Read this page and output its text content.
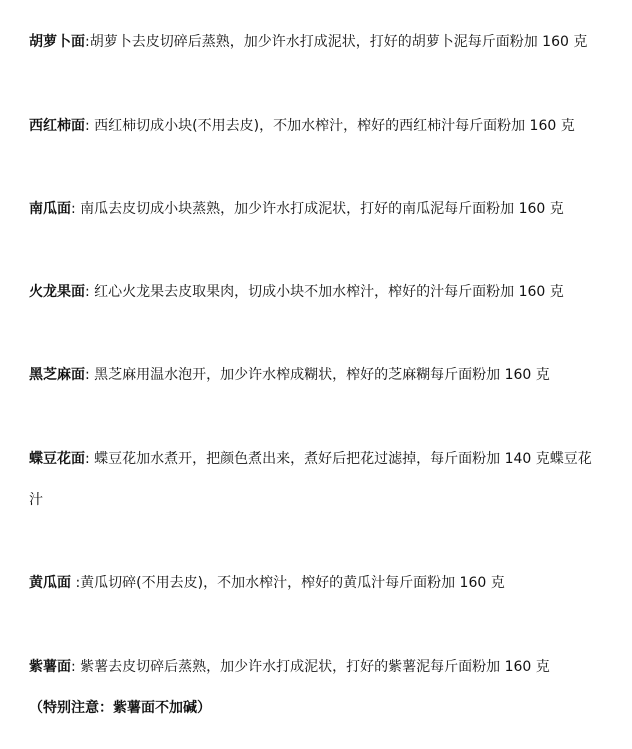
胡萝卜面:胡萝卜去皮切碎后蒸熟，加少许水打成泥状，打好的胡萝卜泥每斤面粉加 160 克
西红柿面: 西红柿切成小块(不用去皮)，不加水榨汁，榨好的西红柿汁每斤面粉加 160 克
南瓜面: 南瓜去皮切成小块蒸熟，加少许水打成泥状，打好的南瓜泥每斤面粉加 160 克
火龙果面: 红心火龙果去皮取果肉，切成小块不加水榨汁，榨好的汁每斤面粉加 160 克
黑芝麻面: 黑芝麻用温水泡开，加少许水榨成糊状，榨好的芝麻糊每斤面粉加 160 克
蝶豆花面: 蝶豆花加水煮开，把颜色煮出来，煮好后把花过滤掉，每斤面粉加 140 克蝶豆花
汁
黄瓜面 :黄瓜切碎(不用去皮)，不加水榨汁，榨好的黄瓜汁每斤面粉加 160 克
紫薯面: 紫薯去皮切碎后蒸熟，加少许水打成泥状，打好的紫薯泥每斤面粉加 160 克
（特别注意：紫薯面不加碱）
